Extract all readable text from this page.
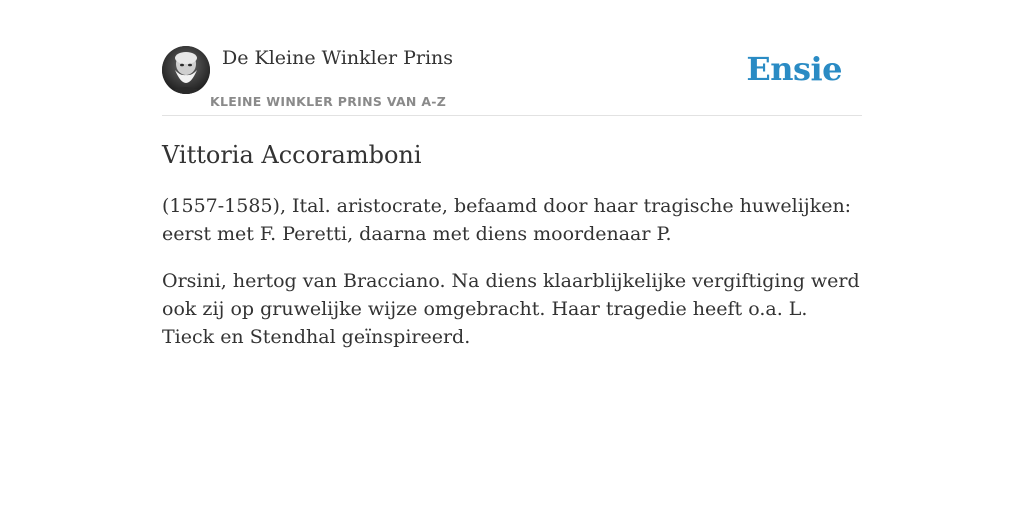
De Kleine Winkler Prins
KLEINE WINKLER PRINS VAN A-Z
Ensie
Vittoria Accoramboni

(1557-1585), Ital. aristocrate, befaamd door haar tragische huwelijken: eerst met F. Peretti, daarna met diens moordenaar P.

Orsini, hertog van Bracciano. Na diens klaarblijkelijke vergiftiging werd ook zij op gruwelijke wijze omgebracht. Haar tragedie heeft o.a. L. Tieck en Stendhal geïnspireerd.
